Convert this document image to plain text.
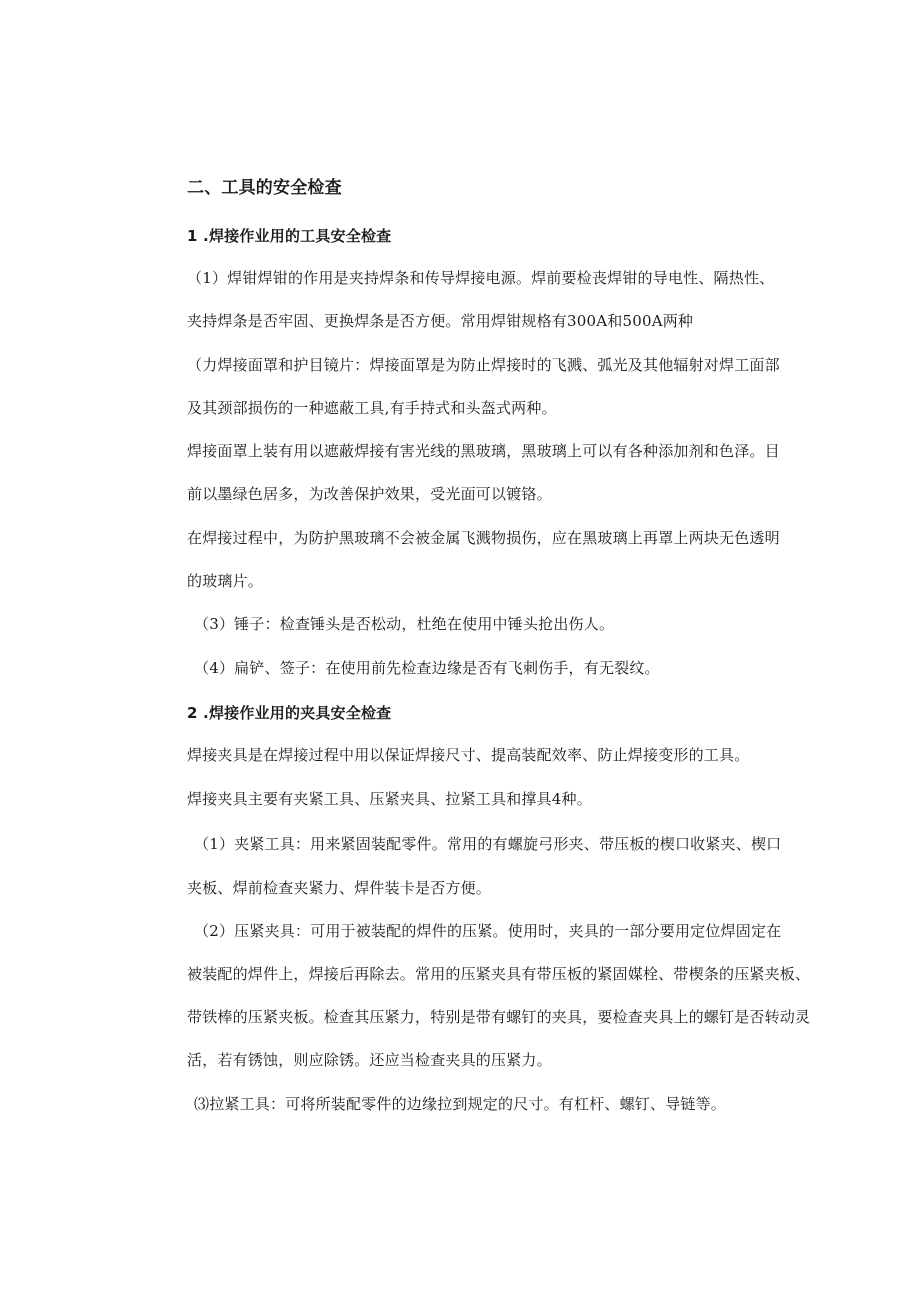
二、工具的安全检查
1 .焊接作业用的工具安全检查
（1）焊钳焊钳的作用是夹持焊条和传导焊接电源。焊前要检丧焊钳的导电性、隔热性、
夹持焊条是否牢固、更换焊条是否方便。常用焊钳规格有300A和500A两种
（力焊接面罩和护目镜片：焊接面罩是为防止焊接时的飞溅、弧光及其他辐射对焊工面部
及其颈部损伤的一种遮蔽工具,有手持式和头盔式两种。
焊接面罩上装有用以遮蔽焊接有害光线的黑玻璃，黑玻璃上可以有各种添加剂和色泽。目
前以墨绿色居多，为改善保护效果，受光面可以镀铬。
在焊接过程中，为防护黑玻璃不会被金属飞溅物损伤，应在黑玻璃上再罩上两块无色透明
的玻璃片。
（3）锤子：检查锤头是否松动，杜绝在使用中锤头抢出伤人。
（4）扁铲、签子：在使用前先检查边缘是否有飞刺伤手，有无裂纹。
2 .焊接作业用的夹具安全检查
焊接夹具是在焊接过程中用以保证焊接尺寸、提高装配效率、防止焊接变形的工具。
焊接夹具主要有夹紧工具、压紧夹具、拉紧工具和撑具4种。
（1）夹紧工具：用来紧固装配零件。常用的有螺旋弓形夹、带压板的楔口收紧夹、楔口
夹板、焊前检查夹紧力、焊件装卡是否方便。
（2）压紧夹具：可用于被装配的焊件的压紧。使用时，夹具的一部分要用定位焊固定在
被装配的焊件上，焊接后再除去。常用的压紧夹具有带压板的紧固媒栓、带楔条的压紧夹板、
带铁棒的压紧夹板。检查其压紧力，特别是带有螺钉的夹具，要检查夹具上的螺钉是否转动灵
活，若有锈蚀，则应除锈。还应当检查夹具的压紧力。
⑶拉紧工具：可将所装配零件的边缘拉到规定的尺寸。有杠杆、螺钉、导链等。
